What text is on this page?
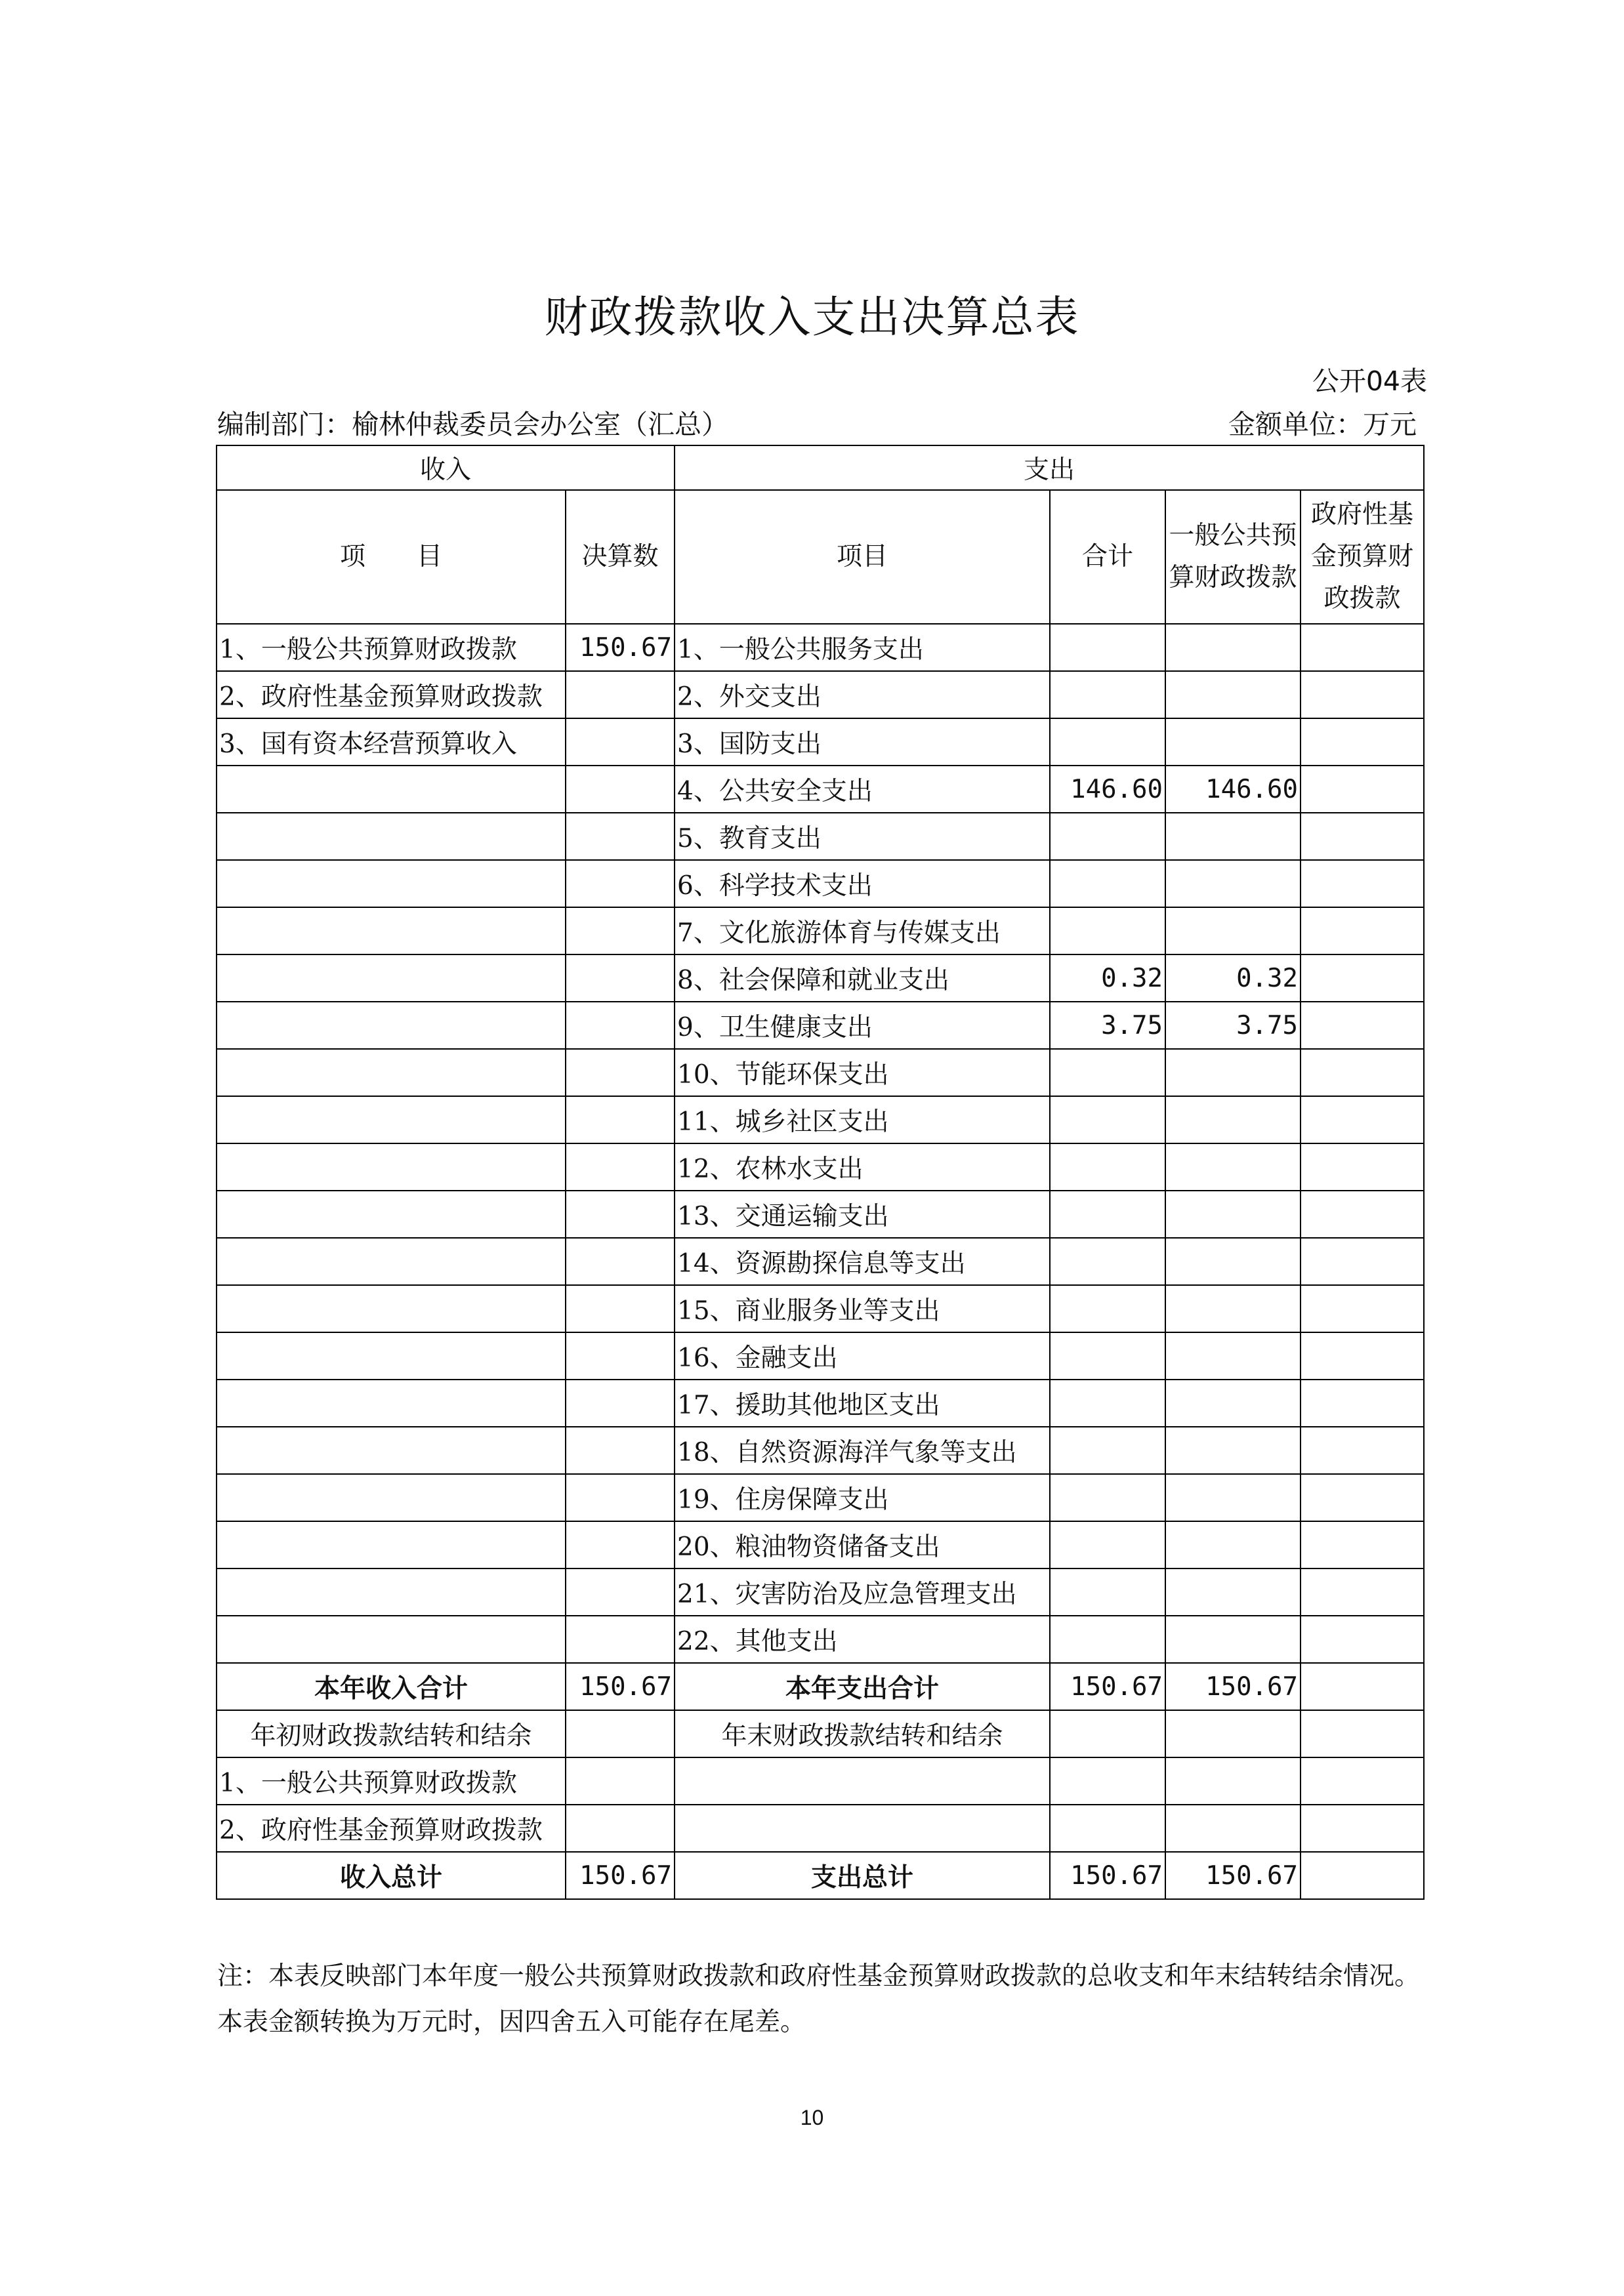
财政拨款收入支出决算总表
公开04表
编制部门：榆林仲裁委员会办公室（汇总）	金额单位：万元
收入		支出			
项　　目	决算数	项目	合计	一般公共预算财政拨款	政府性基金预算财政拨款
1、一般公共预算财政拨款	150.67	1、一般公共服务支出			
2、政府性基金预算财政拨款		2、外交支出			
3、国有资本经营预算收入		3、国防支出			
		4、公共安全支出	146.60	146.60	
		5、教育支出			
		6、科学技术支出			
		7、文化旅游体育与传媒支出			
		8、社会保障和就业支出	0.32	0.32	
		9、卫生健康支出	3.75	3.75	
		10、节能环保支出			
		11、城乡社区支出			
		12、农林水支出			
		13、交通运输支出			
		14、资源勘探信息等支出			
		15、商业服务业等支出			
		16、金融支出			
		17、援助其他地区支出			
		18、自然资源海洋气象等支出			
		19、住房保障支出			
		20、粮油物资储备支出			
		21、灾害防治及应急管理支出			
		22、其他支出			
本年收入合计	150.67	本年支出合计	150.67	150.67	
年初财政拨款结转和结余		年末财政拨款结转和结余			
1、一般公共预算财政拨款					
2、政府性基金预算财政拨款					
收入总计	150.67	支出总计	150.67	150.67	
注：本表反映部门本年度一般公共预算财政拨款和政府性基金预算财政拨款的总收支和年末结转结余情况。本表金额转换为万元时，因四舍五入可能存在尾差。
10
